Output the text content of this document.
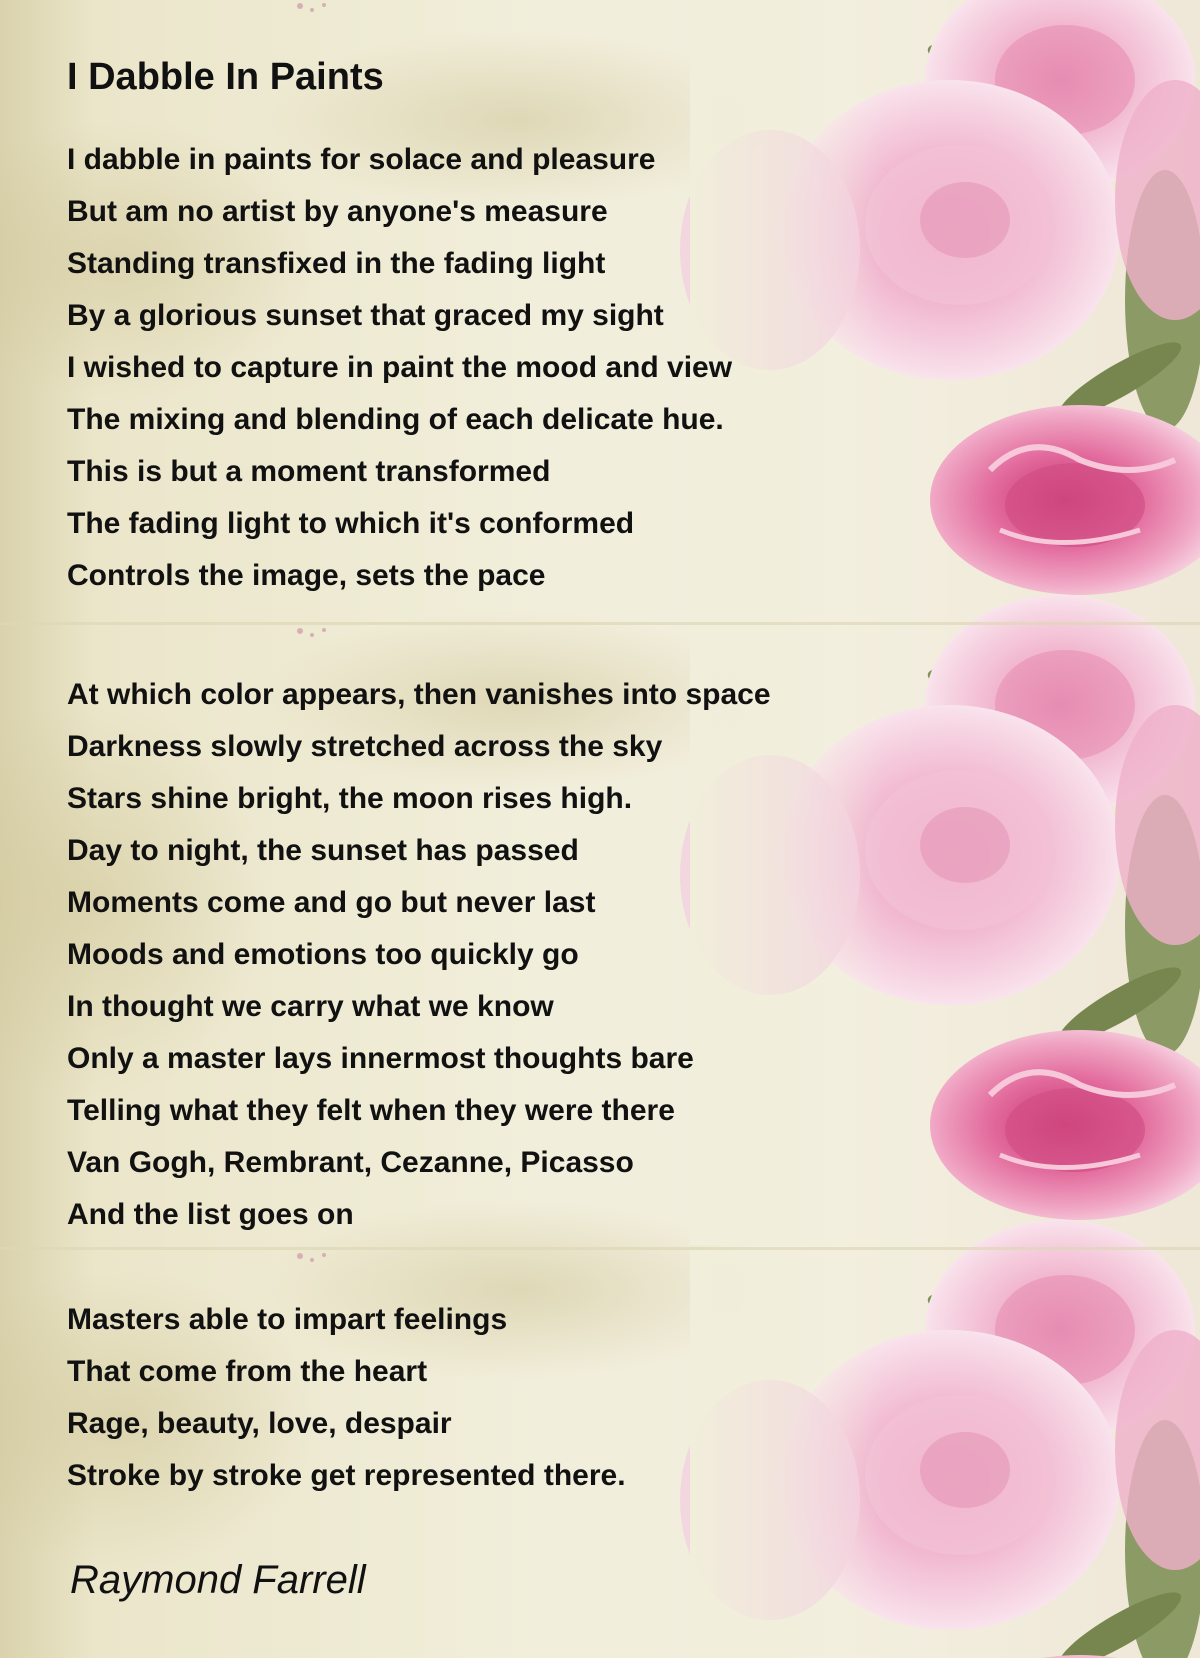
I Dabble In Paints
I dabble in paints for solace and pleasure
But am no artist by anyone's measure
Standing transfixed in the fading light
By a glorious sunset that graced my sight
I wished to capture in paint the mood and view
The mixing and blending of each delicate hue.
This is but a moment transformed
The fading light to which it's conformed
Controls the image, sets the pace
At which color appears, then vanishes into space
Darkness slowly stretched across the sky
Stars shine bright, the moon rises high.
Day to night, the sunset has passed
Moments come and go but never last
Moods and emotions too quickly go
In thought we carry what we know
Only a master lays innermost thoughts bare
Telling what they felt when they were there
Van Gogh, Rembrant, Cezanne, Picasso
And the list goes on
Masters able to impart feelings
That come from the heart
Rage, beauty, love, despair
Stroke by stroke get represented there.

Raymond Farrell
